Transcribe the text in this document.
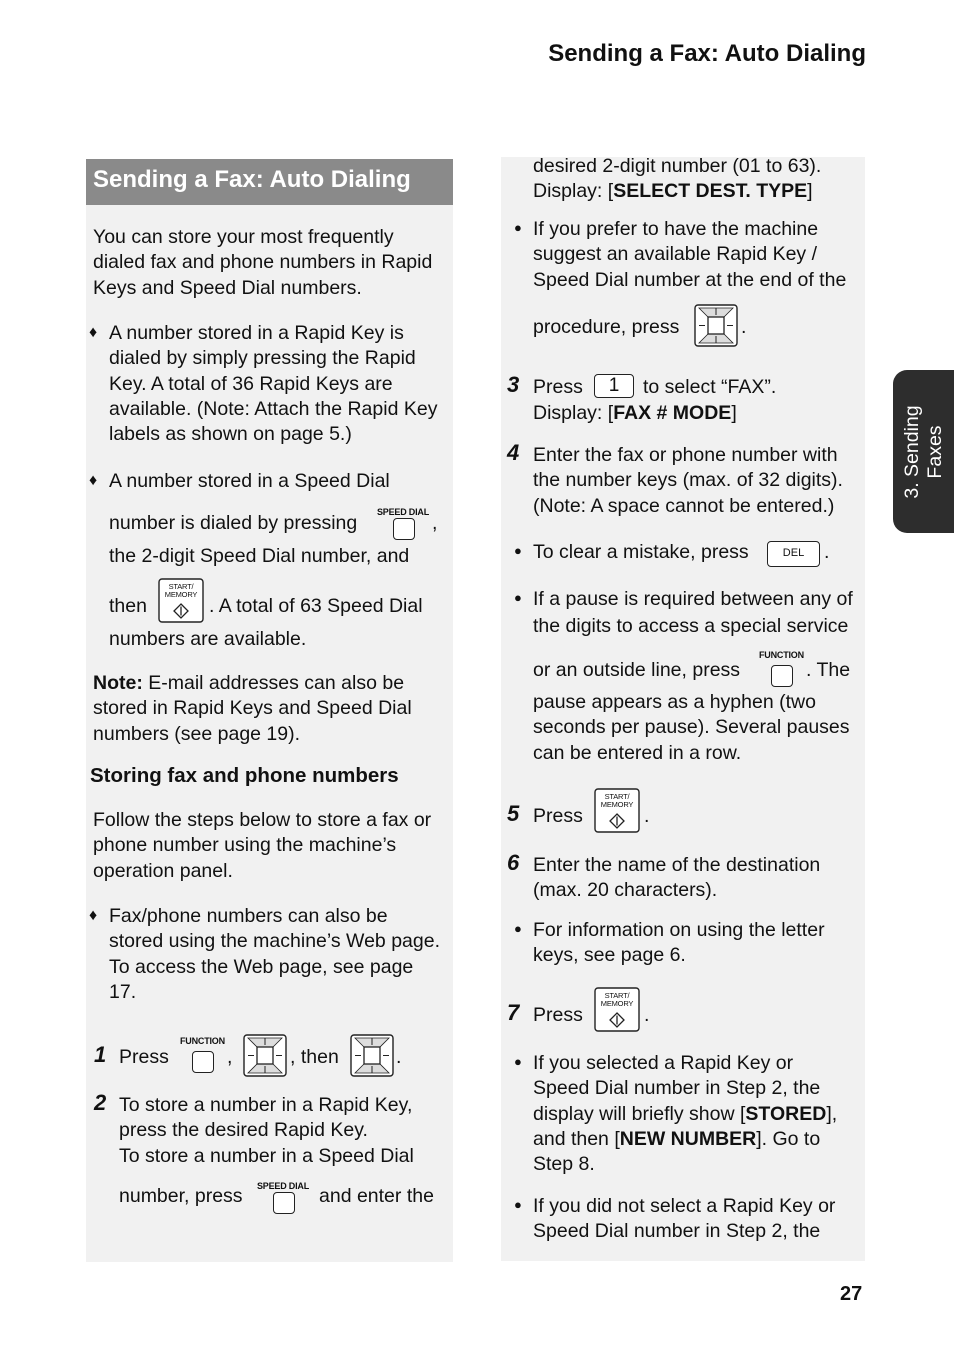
Sending a Fax: Auto Dialing
Sending a Fax: Auto Dialing
You can store your most frequently
dialed fax and phone numbers in Rapid
Keys and Speed Dial numbers.
♦ A number stored in a Rapid Key is
dialed by simply pressing the Rapid
Key. A total of 36 Rapid Keys are
available. (Note: Attach the Rapid Key
labels as shown on page 5.)
♦ A number stored in a Speed Dial
number is dialed by pressing SPEED DIAL ,
the 2-digit Speed Dial number, and
then
START/
MEMORY
. A total of 63 Speed Dial
numbers are available.
Note: E-mail addresses can also be
stored in Rapid Keys and Speed Dial
numbers (see page 19).
Storing fax and phone numbers
Follow the steps below to store a fax or
phone number using the machine’s
operation panel.
♦ Fax/phone numbers can also be
stored using the machine’s Web page.
To access the Web page, see page
17.
1 Press
FUNCTION
,	, then	.
2 To store a number in a Rapid Key,
press the desired Rapid Key.
To store a number in a Speed Dial
number, press SPEED DIAL and enter the
desired 2-digit number (01 to 63).
Display: [SELECT DEST. TYPE]
● If you prefer to have the machine
suggest an available Rapid Key /
Speed Dial number at the end of the
procedure, press	.
3 Press	1	to select “FAX”.
Display: [FAX # MODE]
4 Enter the fax or phone number with
the number keys (max. of 32 digits).
(Note: A space cannot be entered.)
● To clear a mistake, press	DEL	.
● If a pause is required between any of
the digits to access a special service
or an outside line, press
FUNCTION
. The
pause appears as a hyphen (two
seconds per pause). Several pauses
can be entered in a row.
5 Press
START/
MEMORY
.
6 Enter the name of the destination
(max. 20 characters).
● For information on using the letter
keys, see page 6.
7 Press
START/
MEMORY
.
● If you selected a Rapid Key or
Speed Dial number in Step 2, the
display will briefly show [STORED],
and then [NEW NUMBER]. Go to
Step 8.
● If you did not select a Rapid Key or
Speed Dial number in Step 2, the
3. Sending Faxes
27
